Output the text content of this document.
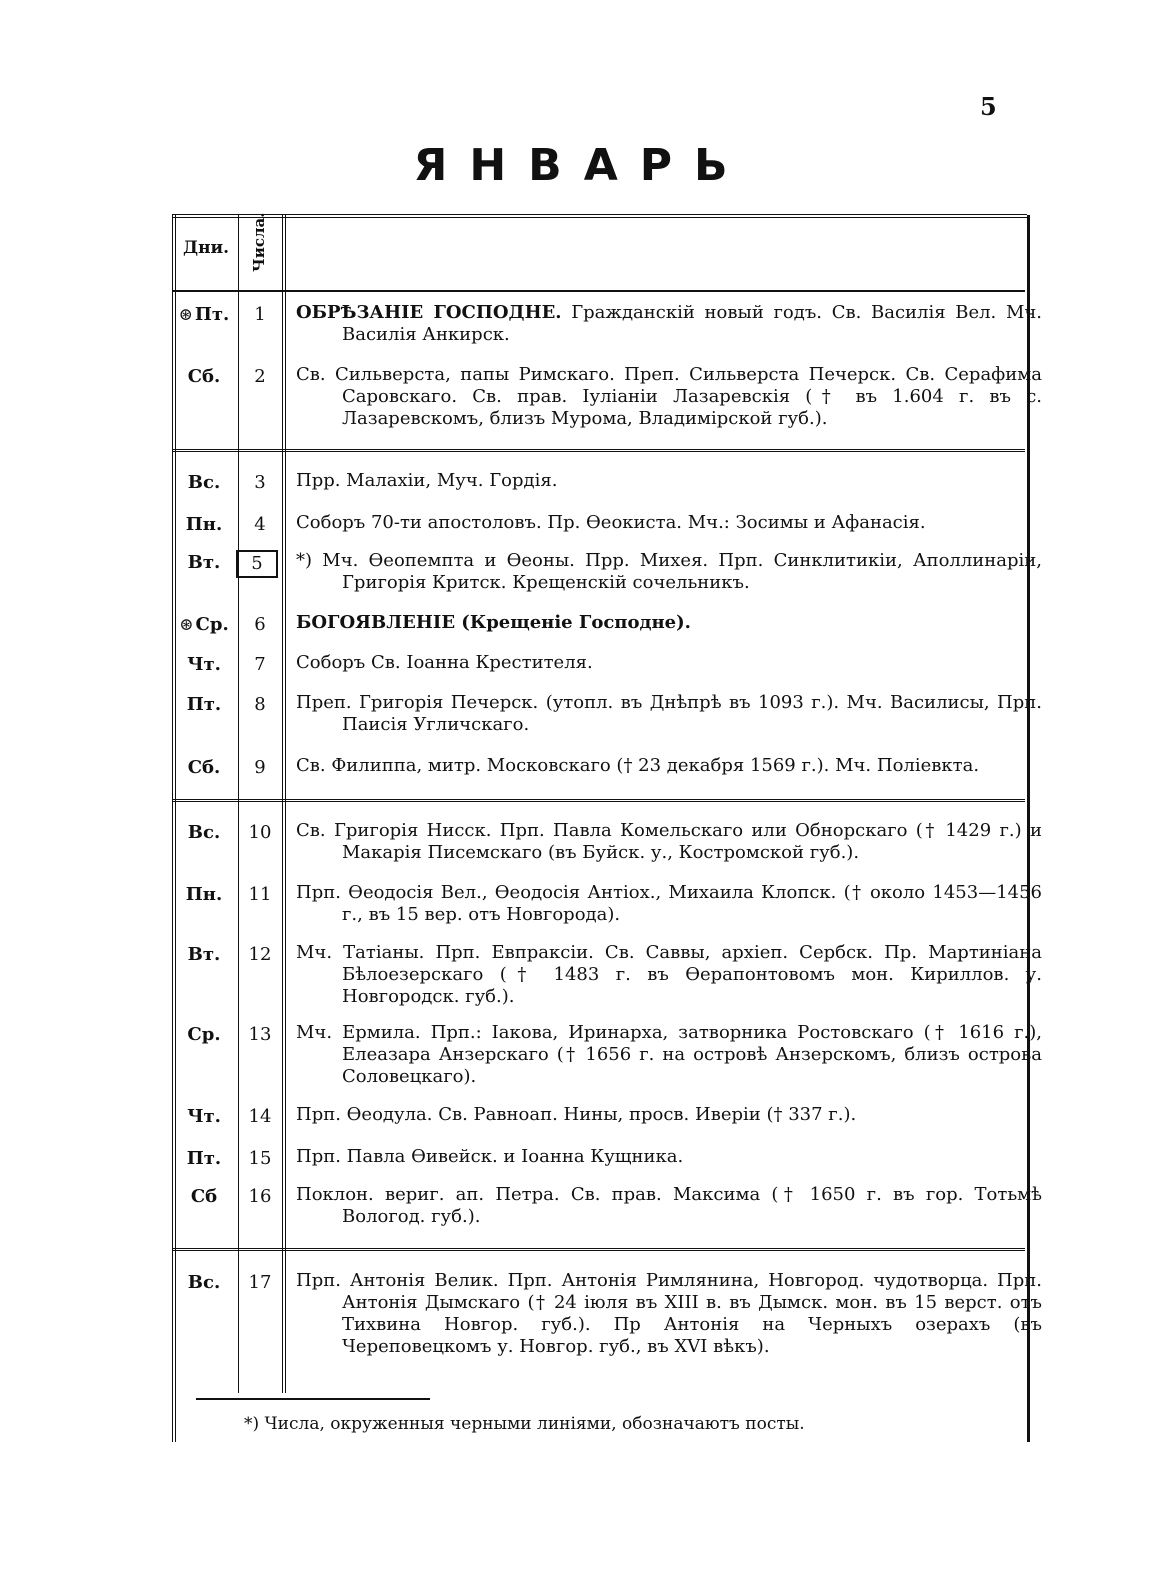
5
ЯНВАРЬ
Дни.	Числа.
⊛ Пт.	1	ОБРѢЗАНІЕ ГОСПОДНЕ. Гражданскій новый годъ. Св. Василія Вел. Мч. Василія Анкирск.
Сб.	2	Св. Сильверста, папы Римскаго. Преп. Сильверста Печерск. Св. Серафима Саровскаго. Св. прав. Іуліаніи Лазаревскія († въ 1.604 г. въ с. Лазаревскомъ, близъ Мурома, Владимірской губ.).
Вс.	3	Прр. Малахіи, Муч. Гордія.
Пн.	4	Соборъ 70-ти апостоловъ. Пр. Ѳеокиста. Мч.: Зосимы и Афанасія.
Вт.	5	*) Мч. Ѳеопемпта и Ѳеоны. Прр. Михея. Прп. Синклитикіи, Аполлинаріи, Григорія Критск. Крещенскій сочельникъ.
⊛ Ср.	6	БОГОЯВЛЕНІЕ (Крещеніе Господне).
Чт.	7	Соборъ Св. Іоанна Крестителя.
Пт.	8	Преп. Григорія Печерск. (утопл. въ Днѣпрѣ въ 1093 г.). Мч. Василисы, Прп. Паисія Угличскаго.
Сб.	9	Св. Филиппа, митр. Московскаго († 23 декабря 1569 г.). Мч. Поліевкта.
Вс.	10	Св. Григорія Нисск. Прп. Павла Комельскаго или Обнорскаго († 1429 г.) и Макарія Писемскаго (въ Буйск. у., Костромской губ.).
Пн.	11	Прп. Ѳеодосія Вел., Ѳеодосія Антіох., Михаила Клопск. († около 1453—1456 г., въ 15 вер. отъ Новгорода).
Вт.	12	Мч. Татіаны. Прп. Евпраксіи. Св. Саввы, архіеп. Сербск. Пр. Мартиніана Бѣлоезерскаго († 1483 г. въ Ѳерапонтовомъ мон. Кириллов. у. Новгородск. губ.).
Ср.	13	Мч. Ермила. Прп.: Іакова, Иринарха, затворника Ростовскаго († 1616 г.), Елеазара Анзерскаго († 1656 г. на островѣ Анзерскомъ, близъ острова Соловецкаго).
Чт.	14	Прп. Ѳеодула. Св. Равноап. Нины, просв. Иверіи († 337 г.).
Пт.	15	Прп. Павла Ѳивейск. и Іоанна Кущника.
Сб	16	Поклон. вериг. ап. Петра. Св. прав. Максима († 1650 г. въ гор. Тотьмѣ Вологод. губ.).
Вс.	17	Прп. Антонія Велик. Прп. Антонія Римлянина, Новгород. чудотворца. Прп. Антонія Дымскаго († 24 іюля въ XIII в. въ Дымск. мон. въ 15 верст. отъ Тихвина Новгор. губ.). Пр Антонія на Черныхъ озерахъ (въ Череповецкомъ у. Новгор. губ., въ XVI вѣкъ).
*) Числа, окруженныя черными линіями, обозначаютъ посты.
